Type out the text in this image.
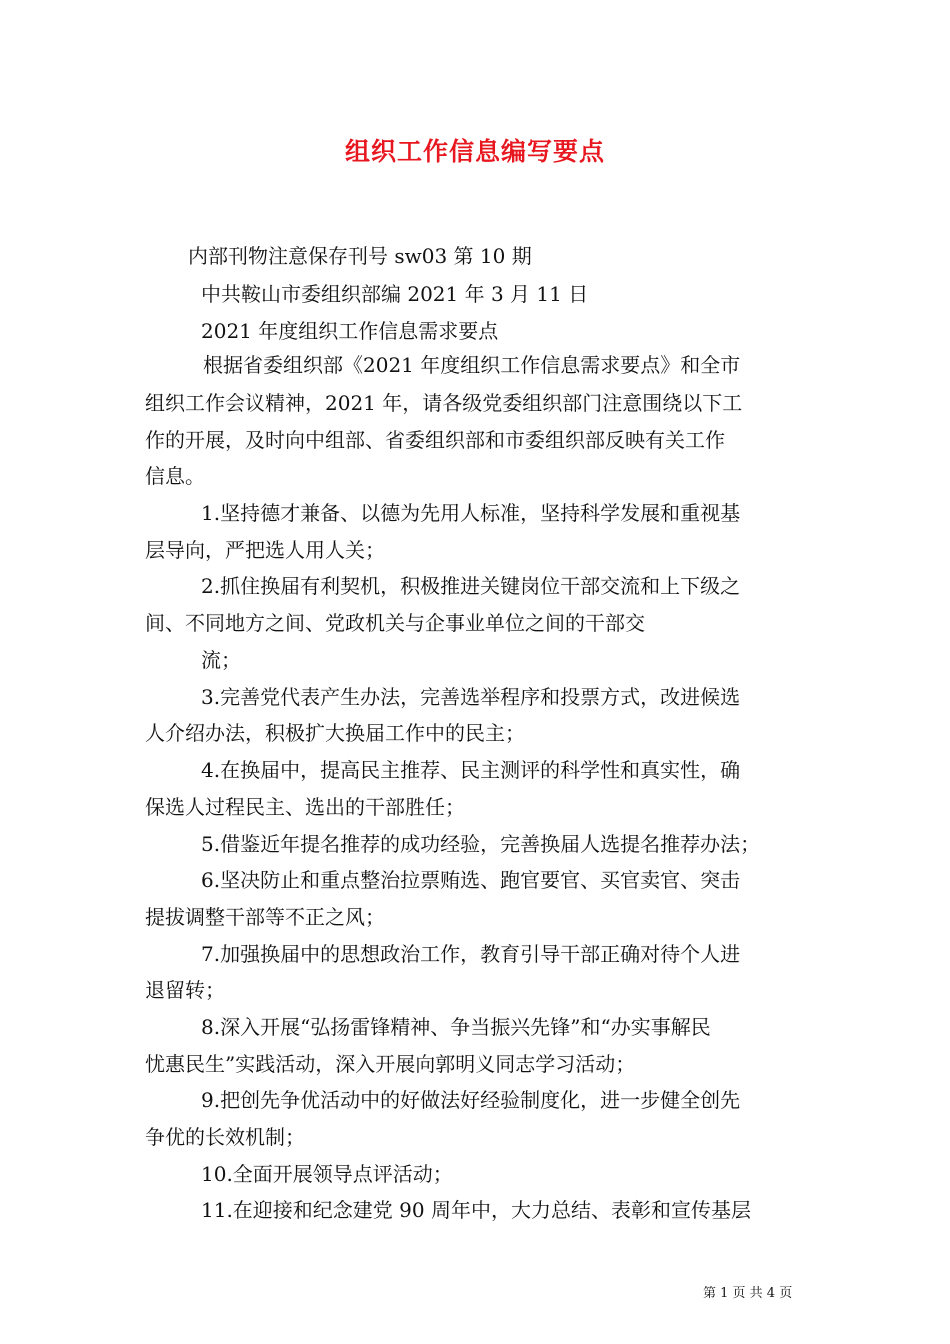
组织工作信息编写要点

内部刊物注意保存刊号 sw03 第 10 期

中共鞍山市委组织部编 2021 年 3 月 11 日

2021 年度组织工作信息需求要点

根据省委组织部《2021 年度组织工作信息需求要点》和全市

组织工作会议精神，2021 年，请各级党委组织部门注意围绕以下工

作的开展，及时向中组部、省委组织部和市委组织部反映有关工作

信息。

1.坚持德才兼备、以德为先用人标准，坚持科学发展和重视基

层导向，严把选人用人关；

2.抓住换届有利契机，积极推进关键岗位干部交流和上下级之

间、不同地方之间、党政机关与企事业单位之间的干部交

流；

3.完善党代表产生办法，完善选举程序和投票方式，改进候选

人介绍办法，积极扩大换届工作中的民主；

4.在换届中，提高民主推荐、民主测评的科学性和真实性，确

保选人过程民主、选出的干部胜任；

5.借鉴近年提名推荐的成功经验，完善换届人选提名推荐办法；

6.坚决防止和重点整治拉票贿选、跑官要官、买官卖官、突击

提拔调整干部等不正之风；

7.加强换届中的思想政治工作，教育引导干部正确对待个人进

退留转；

8.深入开展“弘扬雷锋精神、争当振兴先锋”和“办实事解民

忧惠民生”实践活动，深入开展向郭明义同志学习活动；

9.把创先争优活动中的好做法好经验制度化，进一步健全创先

争优的长效机制；

10.全面开展领导点评活动；

11.在迎接和纪念建党 90 周年中，大力总结、表彰和宣传基层

第 1 页 共 4 页
